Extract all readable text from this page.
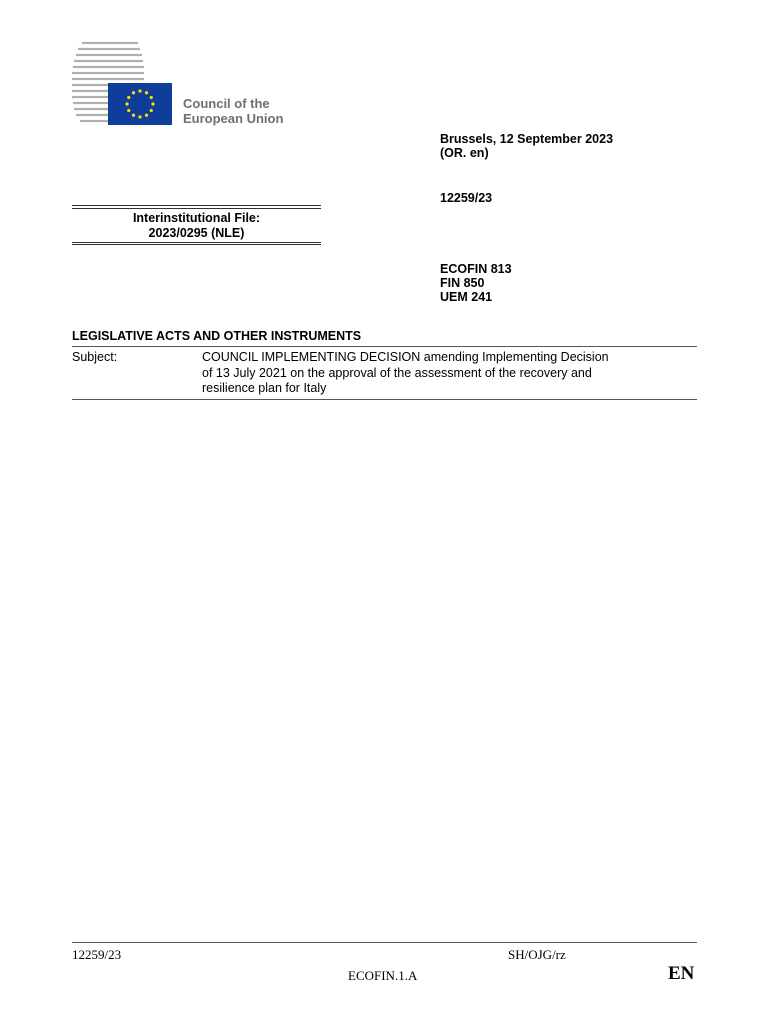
Council of the
European Union
Brussels, 12 September 2023
(OR. en)
12259/23
Interinstitutional File:
2023/0295 (NLE)
ECOFIN 813
FIN 850
UEM 241
LEGISLATIVE ACTS AND OTHER INSTRUMENTS
Subject:	COUNCIL IMPLEMENTING DECISION amending Implementing Decision
of 13 July 2021 on the approval of the assessment of the recovery and
resilience plan for Italy
12259/23	SH/OJG/rz
ECOFIN.1.A	EN
